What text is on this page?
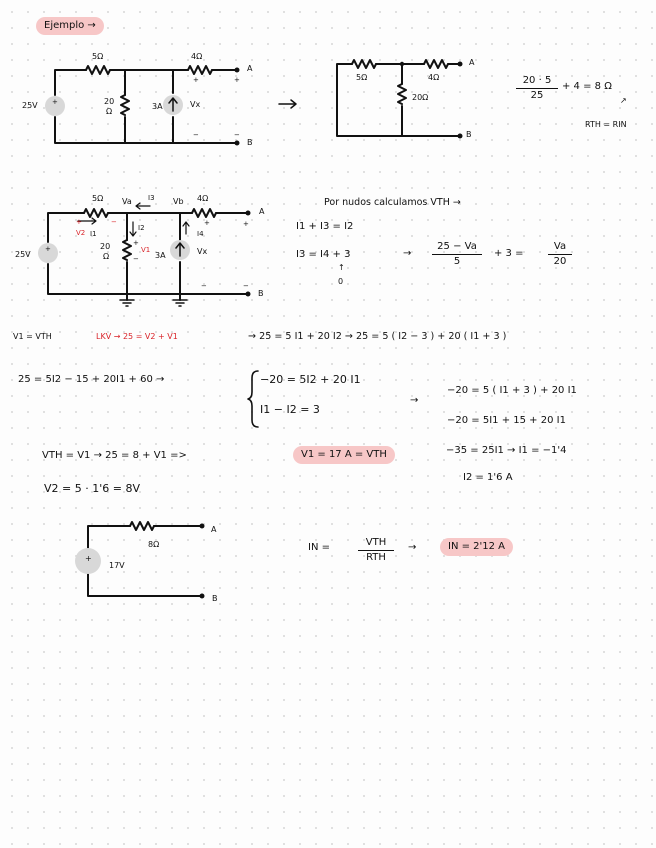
Ejemplo →
5Ω	4Ω
A
B
25V +	20
Ω
3A	Vx
+	+
−	−
5Ω	4Ω
20Ω
A
B
20 · 5
25
+ 4 = 8 Ω
↗
RTH = RIN
5Ω Va I3 Vb 4Ω
A
B
25V
+
+	−
V2 I1
I2
I4
+
20
Ω
+
V1
− 3A	Vx
+
−	−
Por nudos calculamos VTH →
I1 + I3 = I2
I3 = I4 + 3	→
25 − Va
5
+ 3 =
Va
20
↑
0
V1 = VTH	LKV → 25 = V2 + V1	→ 25 = 5 I1 + 20 I2 → 25 = 5 ( I2 − 3 ) + 20 ( I1 + 3 )
25 = 5I2 − 15 + 20I1 + 60 →	−20 = 5I2 + 20 I1
I1 − I2 = 3
→
−20 = 5 ( I1 + 3 ) + 20 I1
−20 = 5I1 + 15 + 20 I1
VTH = V1 → 25 = 8 + V1 =>	V1 = 17 A = VTH	−35 = 25I1 → I1 = −1'4
I2 = 1'6 A
V2 = 5 · 1'6 = 8V
8Ω
+
17V
A
B
IN =	VTH
RTH
→	IN = 2'12 A
